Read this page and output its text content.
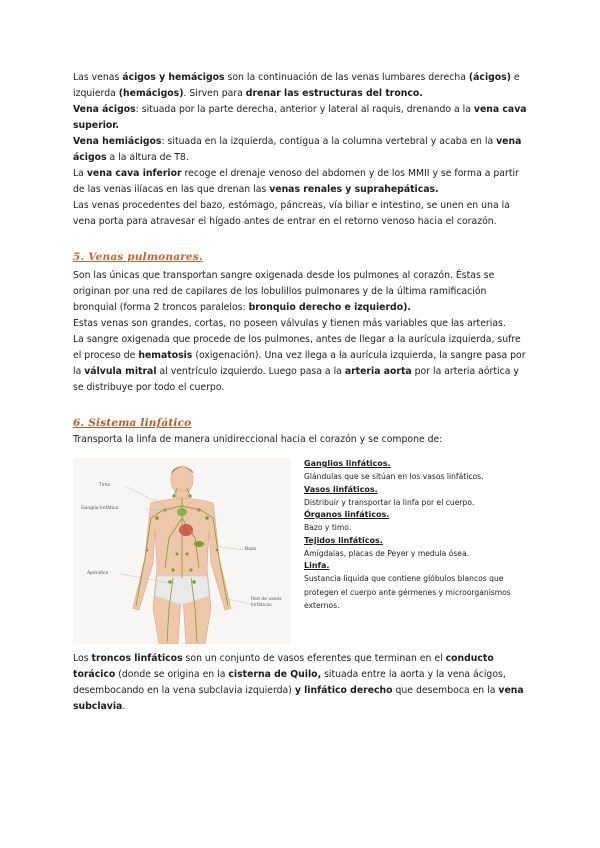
Las venas ácigos y hemácigos son la continuación de las venas lumbares derecha (ácigos) e izquierda (hemácigos). Sirven para drenar las estructuras del tronco.

Vena ácigos: situada por la parte derecha, anterior y lateral al raquis, drenando a la vena cava superior.

Vena hemiácigos: situada en la izquierda, contigua a la columna vertebral y acaba en la vena ácigos a la altura de T8.

La vena cava inferior recoge el drenaje venoso del abdomen y de los MMII y se forma a partir de las venas ilíacas en las que drenan las venas renales y suprahepáticas.

Las venas procedentes del bazo, estómago, páncreas, vía biliar e intestino, se unen en una la vena porta para atravesar el hígado antes de entrar en el retorno venoso hacia el corazón.

5. Venas pulmonares.

Son las únicas que transportan sangre oxigenada desde los pulmones al corazón. Éstas se originan por una red de capilares de los lobulillos pulmonares y de la última ramificación bronquial (forma 2 troncos paralelos: bronquio derecho e izquierdo).

Estas venas son grandes, cortas, no poseen válvulas y tienen más variables que las arterias.

La sangre oxigenada que procede de los pulmones, antes de llegar a la aurícula izquierda, sufre el proceso de hematosis (oxigenación). Una vez llega a la aurícula izquierda, la sangre pasa por la válvula mitral al ventrículo izquierdo. Luego pasa a la arteria aorta por la arteria aórtica y se distribuye por todo el cuerpo.

6. Sistema linfático

Transporta la linfa de manera unidireccional hacia el corazón y se compone de:

Timo
Ganglio linfático
Bazo
Apéndice
Red de vasos linfáticos
Ganglios linfáticos.
Glándulas que se sitúan en los vasos linfáticos.
Vasos linfáticos.
Distribuir y transportar la linfa por el cuerpo.
Órganos linfáticos.
Bazo y timo.
Tejidos linfáticos.
Amígdalas, placas de Peyer y medula ósea.
Linfa.
Sustancia liquida que contiene glóbulos blancos que protegen el cuerpo ante gérmenes y microorganismos externos.

Los troncos linfáticos son un conjunto de vasos eferentes que terminan en el conducto torácico (donde se origina en la cisterna de Quilo, situada entre la aorta y la vena ácigos, desembocando en la vena subclavia izquierda) y linfático derecho que desemboca en la vena subclavia.
